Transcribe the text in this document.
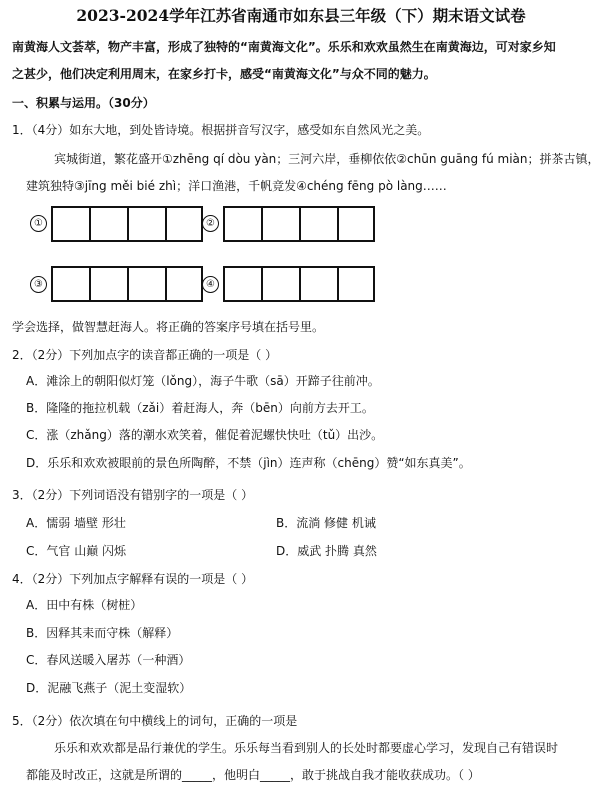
2023-2024学年江苏省南通市如东县三年级（下）期末语文试卷
南黄海人文荟萃，物产丰富，形成了独特的“南黄海文化”。乐乐和欢欢虽然生在南黄海边，可对家乡知
之甚少，他们决定利用周末，在家乡打卡，感受“南黄海文化”与众不同的魅力。
一、积累与运用。（30分）
1．（4分）如东大地，到处皆诗境。根据拼音写汉字，感受如东自然风光之美。
宾城街道，繁花盛开①zhēng qí dòu yàn；三河六岸，垂柳依依②chūn guāng fú miàn；拼茶古镇，
建筑独特③jīng měi bié zhì；洋口渔港，千帆竞发④chéng fēng pò làng……
①	②
③	④
学会选择，做智慧赶海人。将正确的答案序号填在括号里。
2．（2分）下列加点字的读音都正确的一项是（ ）
A．滩涂上的朝阳似灯笼（lǒng），海子牛歌（sā）开蹄子往前冲。
B．隆隆的拖拉机载（zǎi）着赶海人，奔（bēn）向前方去开工。
C．涨（zhǎng）落的潮水欢笑着，催促着泥螺快快吐（tǔ）出沙。
D．乐乐和欢欢被眼前的景色所陶醉，不禁（jìn）连声称（chēng）赞“如东真美”。
3．（2分）下列词语没有错别字的一项是（ ）
A．懦弱 墙壁 形壮	B．流淌 修健 机诫
C．气官 山巅 闪烁	D．威武 扑腾 真然
4．（2分）下列加点字解释有误的一项是（ ）
A．田中有株（树桩）
B．因释其耒而守株（解释）
C．春风送暖入屠苏（一种酒）
D．泥融飞燕子（泥土变湿软）
5．（2分）依次填在句中横线上的词句，正确的一项是
乐乐和欢欢都是品行兼优的学生。乐乐每当看到别人的长处时都要虚心学习，发现自己有错误时
都能及时改正，这就是所谓的_____，他明白_____，敢于挑战自我才能收获成功。（ ）
